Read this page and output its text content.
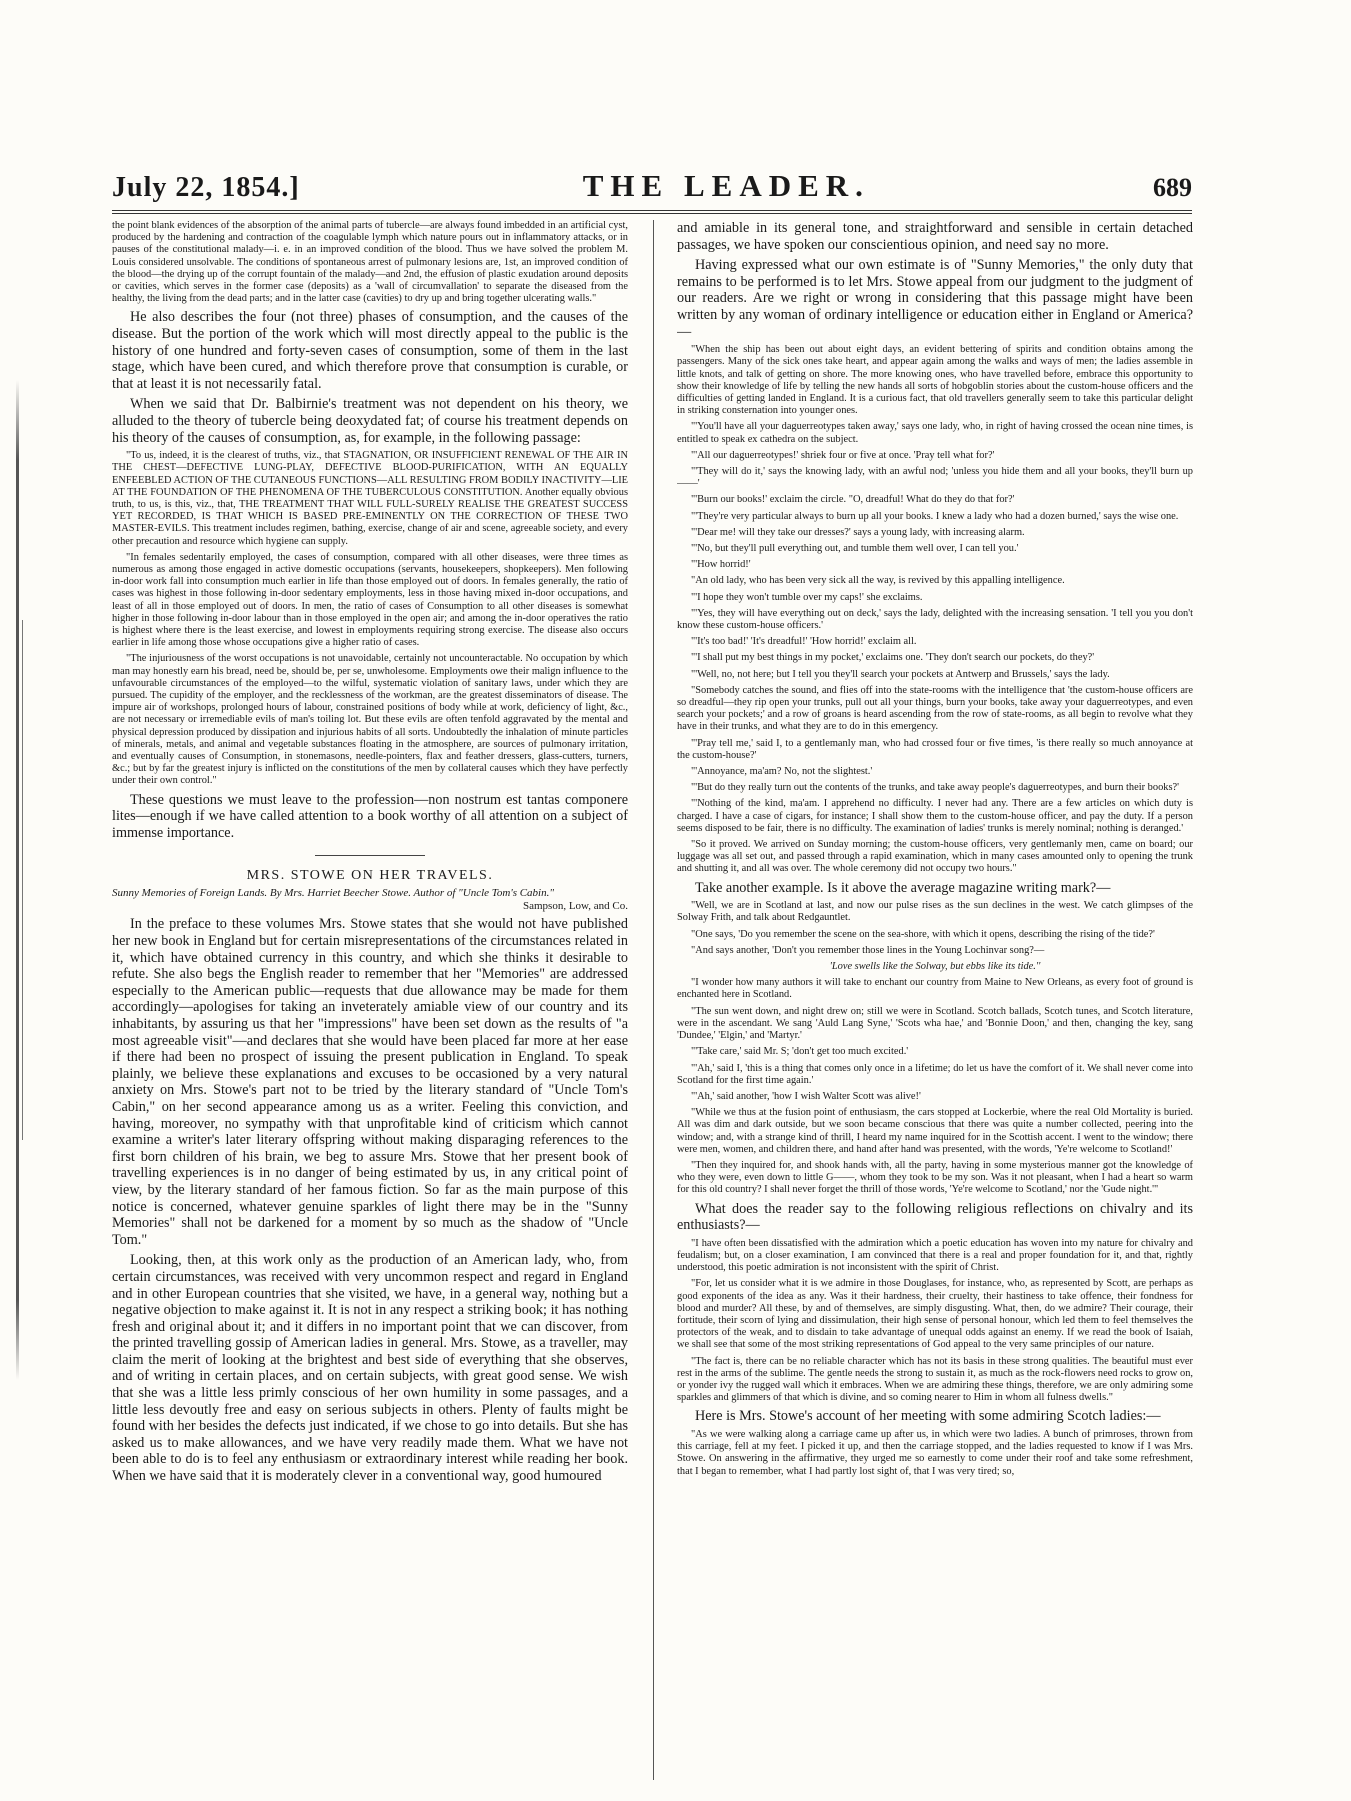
July 22, 1854.]	THE LEADER.	689

the point blank evidences of the absorption of the animal parts of tubercle—are always found imbedded in an artificial cyst, produced by the hardening and contraction of the coagulable lymph which nature pours out in inflammatory attacks, or in pauses of the constitutional malady—i. e. in an improved condition of the blood. Thus we have solved the problem M. Louis considered unsolvable. The conditions of spontaneous arrest of pulmonary lesions are, 1st, an improved condition of the blood—the drying up of the corrupt fountain of the malady—and 2nd, the effusion of plastic exudation around deposits or cavities, which serves in the former case (deposits) as a 'wall of circumvallation' to separate the diseased from the healthy, the living from the dead parts; and in the latter case (cavities) to dry up and bring together ulcerating walls."

He also describes the four (not three) phases of consumption, and the causes of the disease. But the portion of the work which will most directly appeal to the public is the history of one hundred and forty-seven cases of consumption, some of them in the last stage, which have been cured, and which therefore prove that consumption is curable, or that at least it is not necessarily fatal.

When we said that Dr. Balbirnie's treatment was not dependent on his theory, we alluded to the theory of tubercle being deoxydated fat; of course his treatment depends on his theory of the causes of consumption, as, for example, in the following passage:

"To us, indeed, it is the clearest of truths, viz., that STAGNATION, OR INSUFFICIENT RENEWAL OF THE AIR IN THE CHEST—DEFECTIVE LUNG-PLAY, DEFECTIVE BLOOD-PURIFICATION, WITH AN EQUALLY ENFEEBLED ACTION OF THE CUTANEOUS FUNCTIONS—ALL RESULTING FROM BODILY INACTIVITY—LIE AT THE FOUNDATION OF THE PHENOMENA OF THE TUBERCULOUS CONSTITUTION. Another equally obvious truth, to us, is this, viz., that, THE TREATMENT THAT WILL FULL-SURELY REALISE THE GREATEST SUCCESS YET RECORDED, IS THAT WHICH IS BASED PRE-EMINENTLY ON THE CORRECTION OF THESE TWO MASTER-EVILS. This treatment includes regimen, bathing, exercise, change of air and scene, agreeable society, and every other precaution and resource which hygiene can supply.

"In females sedentarily employed, the cases of consumption, compared with all other diseases, were three times as numerous as among those engaged in active domestic occupations (servants, housekeepers, shopkeepers). Men following in-door work fall into consumption much earlier in life than those employed out of doors. In females generally, the ratio of cases was highest in those following in-door sedentary employments, less in those having mixed in-door occupations, and least of all in those employed out of doors. In men, the ratio of cases of Consumption to all other diseases is somewhat higher in those following in-door labour than in those employed in the open air; and among the in-door operatives the ratio is highest where there is the least exercise, and lowest in employments requiring strong exercise. The disease also occurs earlier in life among those whose occupations give a higher ratio of cases.

"The injuriousness of the worst occupations is not unavoidable, certainly not uncounteractable. No occupation by which man may honestly earn his bread, need be, should be, per se, unwholesome. Employments owe their malign influence to the unfavourable circumstances of the employed—to the wilful, systematic violation of sanitary laws, under which they are pursued. The cupidity of the employer, and the recklessness of the workman, are the greatest disseminators of disease. The impure air of workshops, prolonged hours of labour, constrained positions of body while at work, deficiency of light, &c., are not necessary or irremediable evils of man's toiling lot. But these evils are often tenfold aggravated by the mental and physical depression produced by dissipation and injurious habits of all sorts. Undoubtedly the inhalation of minute particles of minerals, metals, and animal and vegetable substances floating in the atmosphere, are sources of pulmonary irritation, and eventually causes of Consumption, in stonemasons, needle-pointers, flax and feather dressers, glass-cutters, turners, &c.; but by far the greatest injury is inflicted on the constitutions of the men by collateral causes which they have perfectly under their own control."

These questions we must leave to the profession—non nostrum est tantas componere lites—enough if we have called attention to a book worthy of all attention on a subject of immense importance.

MRS. STOWE ON HER TRAVELS.
Sunny Memories of Foreign Lands. By Mrs. Harriet Beecher Stowe. Author of "Uncle Tom's Cabin."
Sampson, Low, and Co.

In the preface to these volumes Mrs. Stowe states that she would not have published her new book in England but for certain misrepresentations of the circumstances related in it, which have obtained currency in this country, and which she thinks it desirable to refute. She also begs the English reader to remember that her "Memories" are addressed especially to the American public—requests that due allowance may be made for them accordingly—apologises for taking an inveterately amiable view of our country and its inhabitants, by assuring us that her "impressions" have been set down as the results of "a most agreeable visit"—and declares that she would have been placed far more at her ease if there had been no prospect of issuing the present publication in England. To speak plainly, we believe these explanations and excuses to be occasioned by a very natural anxiety on Mrs. Stowe's part not to be tried by the literary standard of "Uncle Tom's Cabin," on her second appearance among us as a writer. Feeling this conviction, and having, moreover, no sympathy with that unprofitable kind of criticism which cannot examine a writer's later literary offspring without making disparaging references to the first born children of his brain, we beg to assure Mrs. Stowe that her present book of travelling experiences is in no danger of being estimated by us, in any critical point of view, by the literary standard of her famous fiction. So far as the main purpose of this notice is concerned, whatever genuine sparkles of light there may be in the "Sunny Memories" shall not be darkened for a moment by so much as the shadow of "Uncle Tom."

Looking, then, at this work only as the production of an American lady, who, from certain circumstances, was received with very uncommon respect and regard in England and in other European countries that she visited, we have, in a general way, nothing but a negative objection to make against it. It is not in any respect a striking book; it has nothing fresh and original about it; and it differs in no important point that we can discover, from the printed travelling gossip of American ladies in general. Mrs. Stowe, as a traveller, may claim the merit of looking at the brightest and best side of everything that she observes, and of writing in certain places, and on certain subjects, with great good sense. We wish that she was a little less primly conscious of her own humility in some passages, and a little less devoutly free and easy on serious subjects in others. Plenty of faults might be found with her besides the defects just indicated, if we chose to go into details. But she has asked us to make allowances, and we have very readily made them. What we have not been able to do is to feel any enthusiasm or extraordinary interest while reading her book. When we have said that it is moderately clever in a conventional way, good humoured

and amiable in its general tone, and straightforward and sensible in certain detached passages, we have spoken our conscientious opinion, and need say no more.

Having expressed what our own estimate is of "Sunny Memories," the only duty that remains to be performed is to let Mrs. Stowe appeal from our judgment to the judgment of our readers. Are we right or wrong in considering that this passage might have been written by any woman of ordinary intelligence or education either in England or America?—

"When the ship has been out about eight days, an evident bettering of spirits and condition obtains among the passengers. Many of the sick ones take heart, and appear again among the walks and ways of men; the ladies assemble in little knots, and talk of getting on shore. The more knowing ones, who have travelled before, embrace this opportunity to show their knowledge of life by telling the new hands all sorts of hobgoblin stories about the custom-house officers and the difficulties of getting landed in England. It is a curious fact, that old travellers generally seem to take this particular delight in striking consternation into younger ones.

"'You'll have all your daguerreotypes taken away,' says one lady, who, in right of having crossed the ocean nine times, is entitled to speak ex cathedra on the subject.

"'All our daguerreotypes!' shriek four or five at once. 'Pray tell what for?'

"'They will do it,' says the knowing lady, with an awful nod; 'unless you hide them and all your books, they'll burn up——'

"'Burn our books!' exclaim the circle. "O, dreadful! What do they do that for?'

"'They're very particular always to burn up all your books. I knew a lady who had a dozen burned,' says the wise one.

"'Dear me! will they take our dresses?' says a young lady, with increasing alarm.

"'No, but they'll pull everything out, and tumble them well over, I can tell you.'

"'How horrid!'

"An old lady, who has been very sick all the way, is revived by this appalling intelligence.

"'I hope they won't tumble over my caps!' she exclaims.

"'Yes, they will have everything out on deck,' says the lady, delighted with the increasing sensation. 'I tell you you don't know these custom-house officers.'

"'It's too bad!' 'It's dreadful!' 'How horrid!' exclaim all.

"'I shall put my best things in my pocket,' exclaims one. 'They don't search our pockets, do they?'

"'Well, no, not here; but I tell you they'll search your pockets at Antwerp and Brussels,' says the lady.

"Somebody catches the sound, and flies off into the state-rooms with the intelligence that 'the custom-house officers are so dreadful—they rip open your trunks, pull out all your things, burn your books, take away your daguerreotypes, and even search your pockets;' and a row of groans is heard ascending from the row of state-rooms, as all begin to revolve what they have in their trunks, and what they are to do in this emergency.

"'Pray tell me,' said I, to a gentlemanly man, who had crossed four or five times, 'is there really so much annoyance at the custom-house?'

"'Annoyance, ma'am? No, not the slightest.'

"'But do they really turn out the contents of the trunks, and take away people's daguerreotypes, and burn their books?'

"'Nothing of the kind, ma'am. I apprehend no difficulty. I never had any. There are a few articles on which duty is charged. I have a case of cigars, for instance; I shall show them to the custom-house officer, and pay the duty. If a person seems disposed to be fair, there is no difficulty. The examination of ladies' trunks is merely nominal; nothing is deranged.'

"So it proved. We arrived on Sunday morning; the custom-house officers, very gentlemanly men, came on board; our luggage was all set out, and passed through a rapid examination, which in many cases amounted only to opening the trunk and shutting it, and all was over. The whole ceremony did not occupy two hours."

Take another example. Is it above the average magazine writing mark?—

"Well, we are in Scotland at last, and now our pulse rises as the sun declines in the west. We catch glimpses of the Solway Frith, and talk about Redgauntlet.

"One says, 'Do you remember the scene on the sea-shore, with which it opens, describing the rising of the tide?'

"And says another, 'Don't you remember those lines in the Young Lochinvar song?—

'Love swells like the Solway, but ebbs like its tide.''

"I wonder how many authors it will take to enchant our country from Maine to New Orleans, as every foot of ground is enchanted here in Scotland.

"The sun went down, and night drew on; still we were in Scotland. Scotch ballads, Scotch tunes, and Scotch literature, were in the ascendant. We sang 'Auld Lang Syne,' 'Scots wha hae,' and 'Bonnie Doon,' and then, changing the key, sang 'Dundee,' 'Elgin,' and 'Martyr.'

"'Take care,' said Mr. S; 'don't get too much excited.'

"'Ah,' said I, 'this is a thing that comes only once in a lifetime; do let us have the comfort of it. We shall never come into Scotland for the first time again.'

"'Ah,' said another, 'how I wish Walter Scott was alive!'

"While we thus at the fusion point of enthusiasm, the cars stopped at Lockerbie, where the real Old Mortality is buried. All was dim and dark outside, but we soon became conscious that there was quite a number collected, peering into the window; and, with a strange kind of thrill, I heard my name inquired for in the Scottish accent. I went to the window; there were men, women, and children there, and hand after hand was presented, with the words, 'Ye're welcome to Scotland!'

"Then they inquired for, and shook hands with, all the party, having in some mysterious manner got the knowledge of who they were, even down to little G——, whom they took to be my son. Was it not pleasant, when I had a heart so warm for this old country? I shall never forget the thrill of those words, 'Ye're welcome to Scotland,' nor the 'Gude night.'"

What does the reader say to the following religious reflections on chivalry and its enthusiasts?—

"I have often been dissatisfied with the admiration which a poetic education has woven into my nature for chivalry and feudalism; but, on a closer examination, I am convinced that there is a real and proper foundation for it, and that, rightly understood, this poetic admiration is not inconsistent with the spirit of Christ.

"For, let us consider what it is we admire in those Douglases, for instance, who, as represented by Scott, are perhaps as good exponents of the idea as any. Was it their hardness, their cruelty, their hastiness to take offence, their fondness for blood and murder? All these, by and of themselves, are simply disgusting. What, then, do we admire? Their courage, their fortitude, their scorn of lying and dissimulation, their high sense of personal honour, which led them to feel themselves the protectors of the weak, and to disdain to take advantage of unequal odds against an enemy. If we read the book of Isaiah, we shall see that some of the most striking representations of God appeal to the very same principles of our nature.

"The fact is, there can be no reliable character which has not its basis in these strong qualities. The beautiful must ever rest in the arms of the sublime. The gentle needs the strong to sustain it, as much as the rock-flowers need rocks to grow on, or yonder ivy the rugged wall which it embraces. When we are admiring these things, therefore, we are only admiring some sparkles and glimmers of that which is divine, and so coming nearer to Him in whom all fulness dwells."

Here is Mrs. Stowe's account of her meeting with some admiring Scotch ladies:—

"As we were walking along a carriage came up after us, in which were two ladies. A bunch of primroses, thrown from this carriage, fell at my feet. I picked it up, and then the carriage stopped, and the ladies requested to know if I was Mrs. Stowe. On answering in the affirmative, they urged me so earnestly to come under their roof and take some refreshment, that I began to remember, what I had partly lost sight of, that I was very tired; so,
